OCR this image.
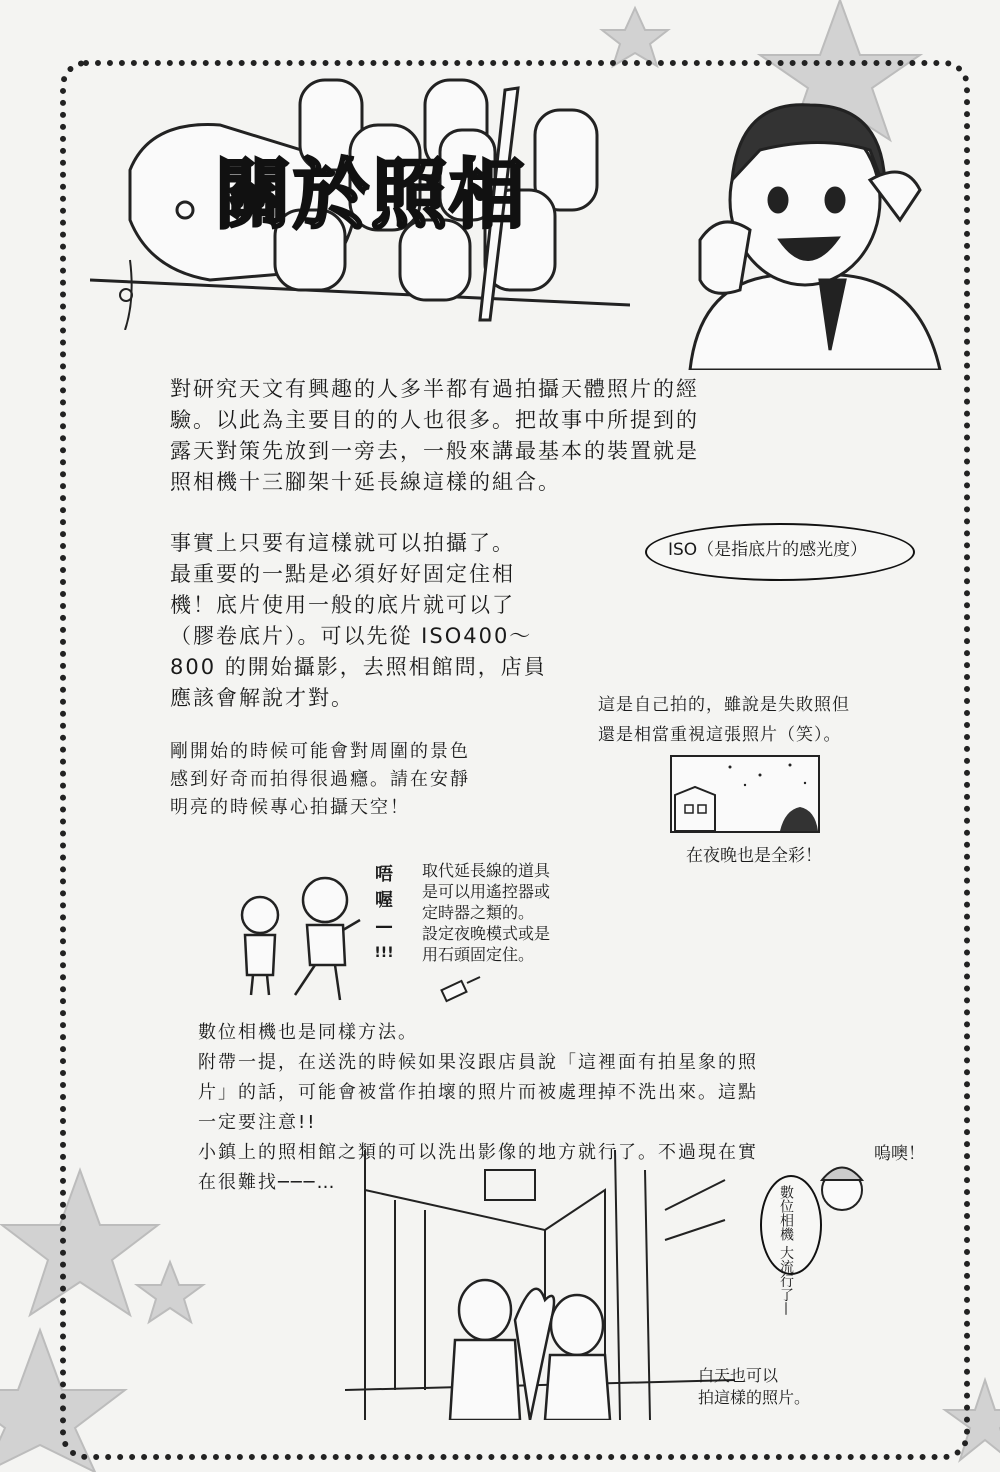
關於照相
對研究天文有興趣的人多半都有過拍攝天體照片的經
驗。以此為主要目的的人也很多。把故事中所提到的
露天對策先放到一旁去，一般來講最基本的裝置就是
照相機十三腳架十延長線這樣的組合。
事實上只要有這樣就可以拍攝了。
最重要的一點是必須好好固定住相
機！底片使用一般的底片就可以了
（膠卷底片）。可以先從 ISO400～
800 的開始攝影，去照相館問，店員
應該會解說才對。
ISO（是指底片的感光度）
這是自己拍的，雖說是失敗照但
還是相當重視這張照片（笑）。
剛開始的時候可能會對周圍的景色
感到好奇而拍得很過癮。請在安靜
明亮的時候專心拍攝天空！
在夜晚也是全彩！
取代延長線的道具
是可以用遙控器或
定時器之類的。
設定夜晚模式或是
用石頭固定住。
唔
喔
—
!!!
數位相機也是同樣方法。
附帶一提，在送洗的時候如果沒跟店員說「這裡面有拍星象的照
片」的話，可能會被當作拍壞的照片而被處理掉不洗出來。這點
一定要注意!!
小鎮上的照相館之類的可以洗出影像的地方就行了。不過現在實
在很難找───…
嗚噢！
數位相機 大流行了—
白天也可以
拍這樣的照片。
